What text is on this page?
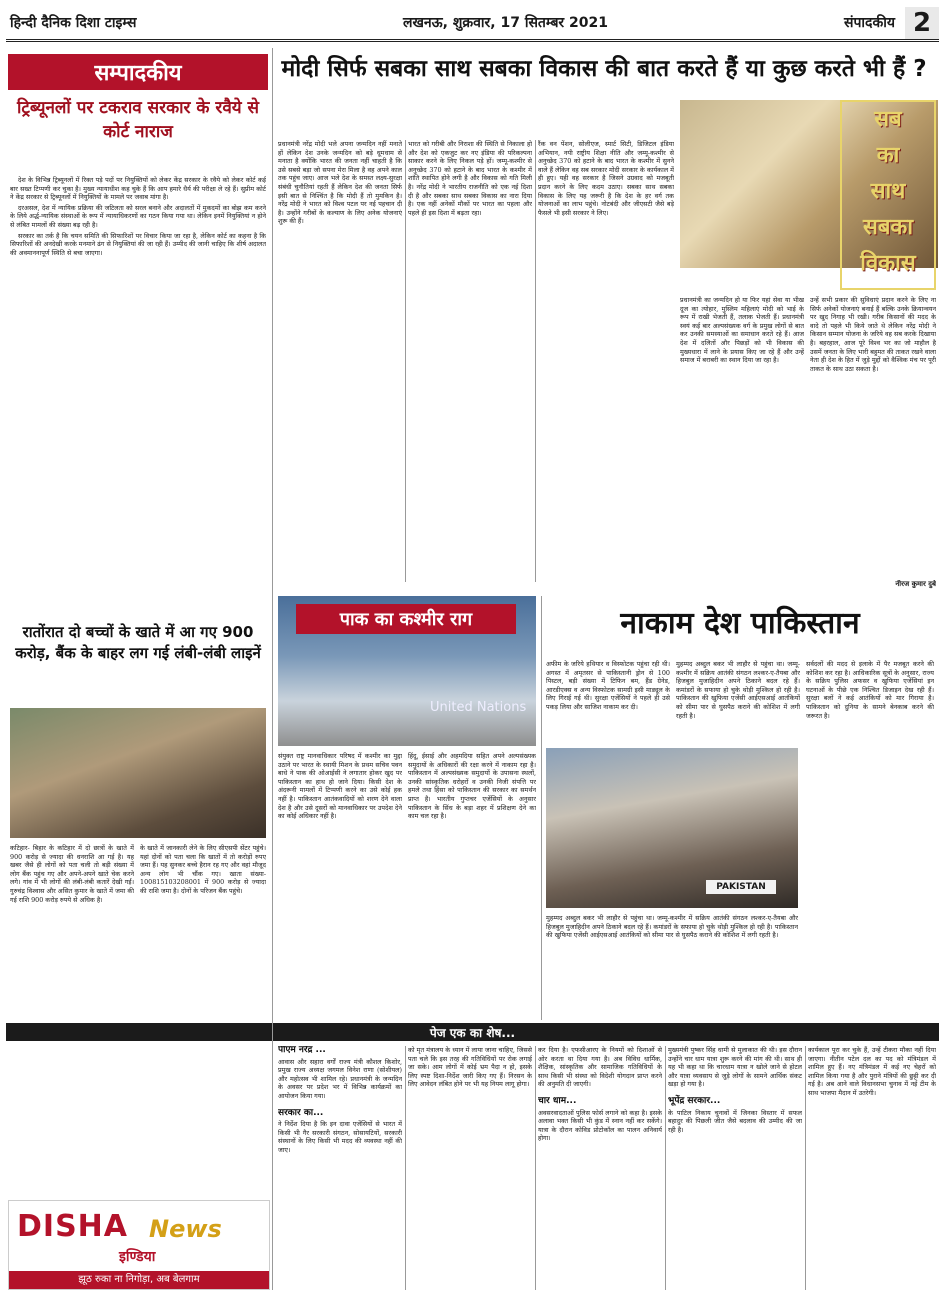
हिन्दी दैनिक दिशा टाइम्स	लखनऊ, शुक्रवार, 17 सितम्बर 2021	संपादकीय 2
सम्पादकीय
ट्रिब्यूनलों पर टकराव सरकार के रवैये से कोर्ट नाराज

देश के विभिन्न ट्रिब्यूनलों में रिक्त पड़े पदों पर नियुक्तियों को लेकर केंद्र सरकार के रवैये को लेकर कोर्ट कई बार सख्त टिप्पणी कर चुका है। मुख्य न्यायाधीश कह चुके हैं कि आप हमारे धैर्य की परीक्षा ले रहे हैं। सुप्रीम कोर्ट ने केंद्र सरकार से ट्रिब्यूनलों में नियुक्तियों के मामले पर जवाब मांगा है।

दरअसल, देश में न्यायिक प्रक्रिया की जटिलता को सरल बनाने और अदालतों में मुकदमों का बोझ कम करने के लिये अर्द्ध-न्यायिक संस्थाओं के रूप में न्यायाधिकरणों का गठन किया गया था। लेकिन इनमें नियुक्तियां न होने से लंबित मामलों की संख्या बढ़ रही है।

सरकार का तर्क है कि चयन समिति की सिफारिशों पर विचार किया जा रहा है, लेकिन कोर्ट का कहना है कि सिफारिशों की अनदेखी करके मनमाने ढंग से नियुक्तियां की जा रही हैं। उम्मीद की जानी चाहिए कि शीर्ष अदालत की अवमाननापूर्ण स्थिति से बचा जाएगा।

रातोंरात दो बच्चों के खाते में आ गए 900 करोड़, बैंक के बाहर लग गई लंबी-लंबी लाइनें
कटिहार- बिहार के कटिहार में दो छात्रों के खाते में 900 करोड़ से ज्यादा की धनराशि आ गई है। यह खबर जैसे ही लोगों को पता चली तो बड़ी संख्या में लोग बैंक पहुंच गए और अपने-अपने खाते चेक करने लगे। गांव में भी लोगों की लंबी-लंबी कतारें देखी गईं। गुरुचंद्र विश्वास और असित कुमार के खाते में जमा की गई राशि 900 करोड़ रुपये से अधिक है।
के खाते में जानकारी लेने के लिए सीएसपी सेंटर पहुंचे। यहां दोनों को पता चला कि खातों में तो करोड़ों रुपए जमा हैं। यह सुनकर बच्चे हैरान रह गए और वहां मौजूद अन्य लोग भी चौंक गए। खाता संख्या- 100815103208001 में 900 करोड़ से ज्यादा की राशि जमा है। दोनों के परिजन बैंक पहुंचे।
DISHA News
इण्डिया
झूठ रुका ना निगोड़ा, अब बेलगाम
मोदी सिर्फ सबका साथ सबका विकास की बात करते हैं या कुछ करते भी हैं ?
सब
का
साथ
सबका
विकास
प्रधानमंत्री नरेंद्र मोदी भले अपना जन्मदिन नहीं मनाते हों लेकिन देश उनके जन्मदिन को बड़े धूमधाम से मनाता है क्योंकि भारत की जनता नहीं चाहती है कि उसे सबसे बड़ा जो सपना मेरा मिला है वह अपने काल तक पहुंच जाए। आज भले देश के समस्त लक्ष्य-सुरक्षा संबंधी चुनौतियां रहती हैं लेकिन देश की जनता सिर्फ इसी बात से निश्चिंत है कि मोदी हैं तो मुमकिन है। नरेंद्र मोदी ने भारत को विश्व पटल पर नई पहचान दी है। उन्होंने गरीबों के कल्याण के लिए अनेक योजनाएं शुरू की हैं।
भारत को गरीबी और निराशा की स्थिति से निकाला हो और देश को एकजुट कर नए इंडिया की परिकल्पना साकार करने के लिए निकल पड़े हों। जम्मू-कश्मीर से अनुच्छेद 370 को हटाने के बाद भारत के कश्मीर में शांति स्थापित होने लगी है और विकास को गति मिली है। नरेंद्र मोदी ने भारतीय राजनीति को एक नई दिशा दी है और सबका साथ सबका विकास का नारा दिया है। एक नहीं अनेकों मौकों पर भारत का पहला और पहले ही इस दिशा में बढ़ता रहा।
रैंक वन पेंशन, सोलीएज, स्मार्ट सिटी, डिजिटल इंडिया अभियान, नयी राष्ट्रीय शिक्षा नीति और जम्मू-कश्मीर से अनुच्छेद 370 को हटाने के बाद भारत के कश्मीर में सुनने वाले हैं लेकिन वह सब सरकार मोदी सरकार के कार्यकाल में ही हुए। यही वह सरकार है जिसने उग्रवाद को मजबूती प्रदान करने के लिए कदम उठाए। सबका साथ सबका विकास के लिए यह जरूरी है कि देश के हर वर्ग तक योजनाओं का लाभ पहुंचे। नोटबंदी और जीएसटी जैसे बड़े फैसले भी इसी सरकार ने लिए।
प्रधानमंत्री का जन्मदिन हो या फिर यहां सेवा या भीख दूज का त्योहार, मुस्लिम महिलाएं मोदी को भाई के रूप में राखी भेजती हैं, तलाक भेजती हैं। प्रधानमंत्री स्वयं कई बार अल्पसंख्यक वर्ग के प्रमुख लोगों से बात कर उनकी समस्याओं का समाधान करते रहे हैं। आज देश में दलितों और पिछड़ों को भी विकास की मुख्यधारा में लाने के प्रयास किए जा रहे हैं और उन्हें समाज में बराबरी का स्थान दिया जा रहा है।
उन्हें सभी प्रकार की सुविधाएं प्रदान करने के लिए ना सिर्फ अनेकों योजनाएं बनाई हैं बल्कि उनके क्रियान्वयन पर खुद निगाह भी रखी। गरीब किसानों की मदद के वादे तो पहले भी किये जाते थे लेकिन नरेंद्र मोदी ने किसान सम्मान योजना के जरिये वह सब करके दिखाया है। बहरहाल, आज पूरे विश्व भर का जो माहौल है उसमें जनता के लिए भारी बहुमत की ताकत रखने वाला नेता ही देश के हित में जुड़े मुद्दों को वैश्विक मंच पर पूरी ताकत के साथ उठा सकता है।
नीरज कुमार दुबे
पाक का कश्मीर राग
United Nations
संयुक्त राष्ट्र मानवाधिकार परिषद में कश्मीर का मुद्दा उठाने पर भारत के स्थायी मिशन के प्रथम सचिव पवन बाधे ने पाक की ओआईसी ने लगातार होकर खुद पर पाकिस्तान का हाथ हो जाने दिया। किसी देश के अंदरूनी मामलों में टिप्पणी करने का उसे कोई हक नहीं है। पाकिस्तान आतंकवादियों को शरण देने वाला देश है और उसे दूसरों को मानवाधिकार पर उपदेश देने का कोई अधिकार नहीं है।
हिंदू, ईसाई और अहमदिया सहित अपने अल्पसंख्यक समुदायों के अधिकारों की रक्षा करने में नाकाम रहा है। पाकिस्तान में अल्पसंख्यक समुदायों के उपासना स्थलों, उनकी सांस्कृतिक धरोहरों व उनकी निजी संपत्ति पर हमले तथा हिंसा को पाकिस्तान की सरकार का समर्थन प्राप्त है। भारतीय गुप्तचर एजेंसियों के अनुसार पाकिस्तान के सिंध के बड़ा शहर में प्रशिक्षण देने का काम चल रहा है।
नाकाम देश पाकिस्तान
अफीम के जरिये हथियार व विस्फोटक पहुंचा रही थी। अगस्त में अमृतसर से पाकिस्तानी ड्रोन से 100 पिस्टल, बड़ी संख्या में टिफिन बम, हैंड ग्रेनेड, आरडीएक्स व अन्य विस्फोटक सामग्री इसी माड्यूल के लिए गिराई गई थी। सुरक्षा एजेंसियों ने पहले ही उसे पकड़ लिया और साजिश नाकाम कर दी।
PAKISTAN
मुहम्मद अब्दुल बकर भी लाहौर से पहुंचा था। जम्मू-कश्मीर में सक्रिय आतंकी संगठन लश्कर-ए-तैयबा और हिजबुल मुजाहिदीन अपने ठिकाने बदल रहे हैं। कमांडरों के सफाया हो चुके थोड़ी मुश्किल हो रही है। पाकिस्तान की खुफिया एजेंसी आईएसआई आतंकियों को सीमा पार से घुसपैठ कराने की कोशिश में लगी रहती है।
सर्वदलों की मदद से इलाके में पैर मजबूत करने की कोशिश कर रहा है। आधिकारिक सूत्रों के अनुसार, राज्य के सक्रिय पुलिस अफसर व खुफिया एजेंसियां इन घटनाओं के पीछे एक निश्चित डिजाइन देख रही हैं। सुरक्षा बलों ने कई आतंकियों को मार गिराया है। पाकिस्तान को दुनिया के सामने बेनकाब करने की जरूरत है।
मुहम्मद अब्दुल बकर भी लाहौर से पहुंचा था। जम्मू-कश्मीर में सक्रिय आतंकी संगठन लश्कर-ए-तैयबा और हिजबुल मुजाहिदीन अपने ठिकाने बदल रहे हैं। कमांडरों के सफाया हो चुके थोड़ी मुश्किल हो रही है। पाकिस्तान की खुफिया एजेंसी आईएसआई आतंकियों को सीमा पार से घुसपैठ कराने की कोशिश में लगी रहती है।
पेज एक का शेष...
पीएम नरेंद्र ...
आवास और सहारा वर्गों राज्य मंत्री कौशल किशोर, प्रमुख राज्य अध्यक्ष जगमल विनेश राणा (सोशीयल) और महोत्सव भी शामिल रहे। प्रधानमंत्री के जन्मदिन के अवसर पर प्रदेश भर में विभिन्न कार्यक्रमों का आयोजन किया गया।
सरकार का...
ने निर्देश दिया है कि इन दावा एजेंसियों से भारत में किसी भी गैर सरकारी संगठन, सोसायटियों, सरकारी संस्थानों के लिए किसी भी मदद की व्यवस्था नहीं की जाए।
को मृत मंत्रालय के ध्यान में लाया जाना चाहिए, जिससे पता चले कि इस तरह की गतिविधियों पर रोक लगाई जा सके। आम लोगों में कोई भ्रम पैदा न हो, इसके लिए स्पष्ट दिशा-निर्देश जारी किए गए हैं। निरसन के लिए आवेदन लंबित होने पर भी यह नियम लागू होगा।
कर दिया है। एफसीआरए के नियमों को दिशाओं से ओर करता था दिया गया है। अब विविध धार्मिक, शैक्षिक, सांस्कृतिक और सामाजिक गतिविधियों के साथ किसी भी संस्था को विदेशी योगदान प्राप्त करने की अनुमति दी जाएगी।
चार धाम...
अवसरवादताओं पुलिस फोर्स लगाने को कहा है। इसके अलावा भक्त किसी भी कुंड में स्नान नहीं कर सकेंगे। यात्रा के दौरान कोविड प्रोटोकॉल का पालन अनिवार्य होगा।
मुख्यमंत्री पुष्कर सिंह धामी से मुलाकात की थी। इस दौरान उन्होंने चार धाम यात्रा शुरू करने की मांग की थी। साथ ही यह भी कहा था कि चारधाम यात्रा न खोले जाने से होटल और यात्रा व्यवसाय से जुड़े लोगों के सामने आर्थिक संकट खड़ा हो गया है।
भूपेंद्र सरकार...
के पाटिल निकाय चुनावों में जिनका विस्तार में सफल बहादुर की पिछली जीत जैसे बदलाव की उम्मीद की जा रही है।
कार्यकाल पूरा कर चुके हैं, उन्हें टीकरा मौका नहीं दिया जाएगा। नीतीन पटेल दल का पद को मंत्रिमंडल में शामिल हुए हैं। नए मंत्रिमंडल में कई नए चेहरों को शामिल किया गया है और पुराने मंत्रियों की छुट्टी कर दी गई है। अब आने वाले विधानसभा चुनाव में नई टीम के साथ भाजपा मैदान में उतरेगी।
